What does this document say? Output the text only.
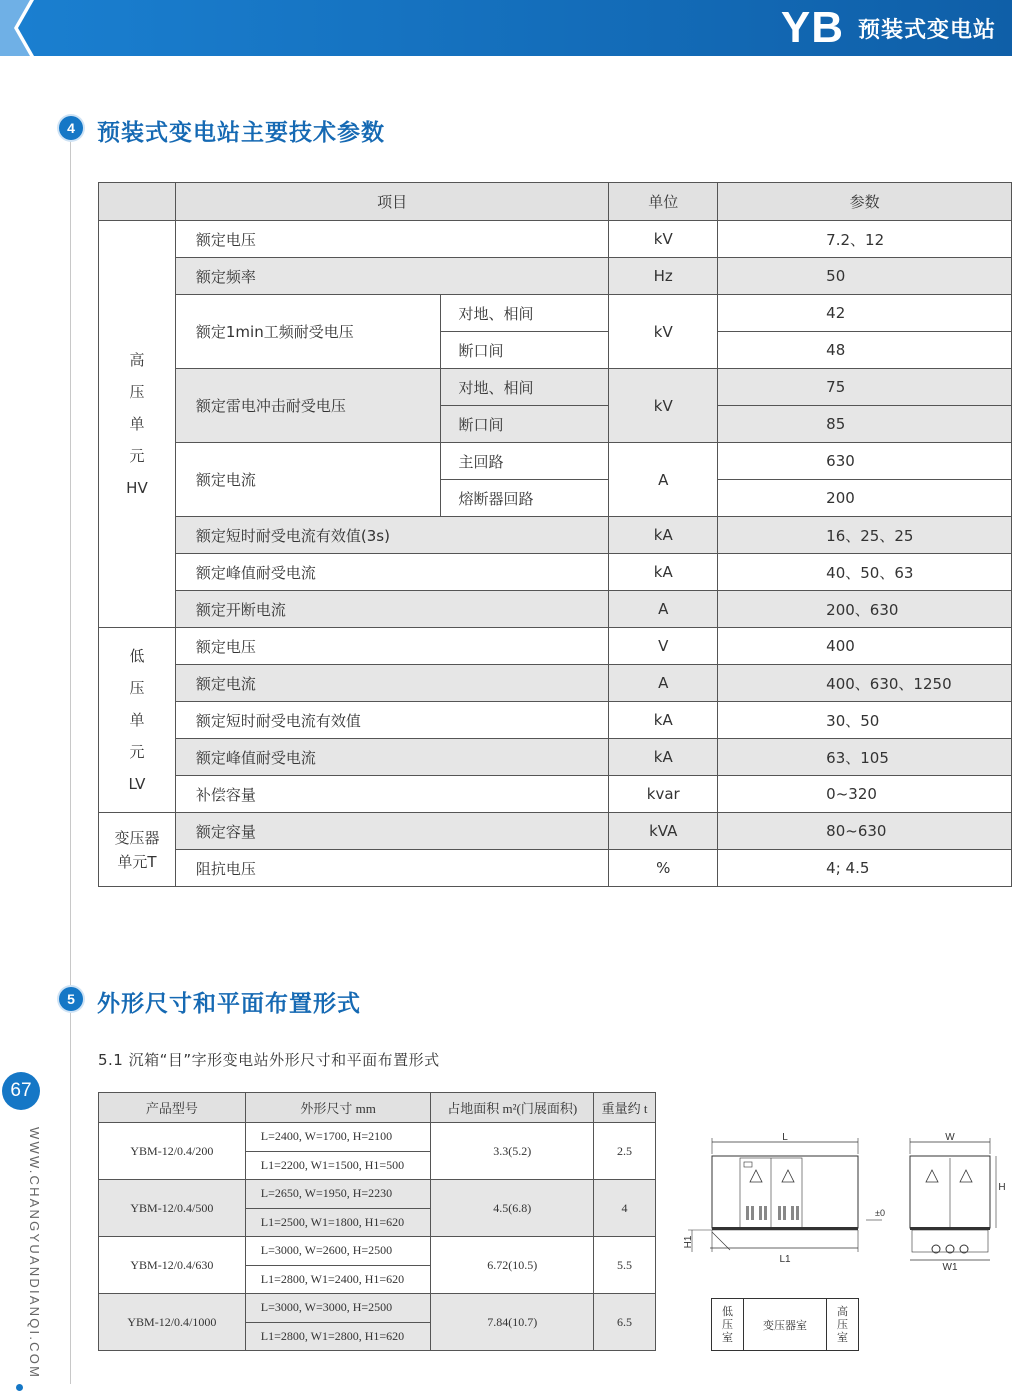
YB 预装式变电站
67
WWW.CHANGYUANDIANQI.COM
4 预装式变电站主要技术参数
	项目		单位	参数

高
压
单
元
HV	额定电压		kV	7.2、12
	额定频率		Hz	50
	额定1min工频耐受电压	对地、相间	kV	42
		断口间		48
	额定雷电冲击耐受电压	对地、相间	kV	75
		断口间		85
	额定电流	主回路	A	630
		熔断器回路		200
	额定短时耐受电流有效值(3s)		kA	16、25、25
	额定峰值耐受电流		kA	40、50、63
	额定开断电流		A	200、630

低
压
单
元
LV	额定电压		V	400
	额定电流		A	400、630、1250
	额定短时耐受电流有效值		kA	30、50
	额定峰值耐受电流		kA	63、105
	补偿容量		kvar	0~320

变压器
单元T	额定容量		kVA	80~630
	阻抗电压		%	4; 4.5
5 外形尺寸和平面布置形式
5.1 沉箱“目”字形变电站外形尺寸和平面布置形式
产品型号	外形尺寸 mm	占地面积 m²(门展面积)	重量约 t
YBM-12/0.4/200	L=2400, W=1700, H=2100	3.3(5.2)	2.5
	L1=2200, W1=1500, H1=500		
YBM-12/0.4/500	L=2650, W=1950, H=2230	4.5(6.8)	4
	L1=2500, W1=1800, H1=620		
YBM-12/0.4/630	L=3000, W=2600, H=2500	6.72(10.5)	5.5
	L1=2800, W1=2400, H1=620		
YBM-12/0.4/1000	L=3000, W=3000, H=2500	7.84(10.7)	6.5
	L1=2800, W1=2800, H1=620		
L
L1
H1
±0
W
W1
H
低
压
室
变压器室
高
压
室
